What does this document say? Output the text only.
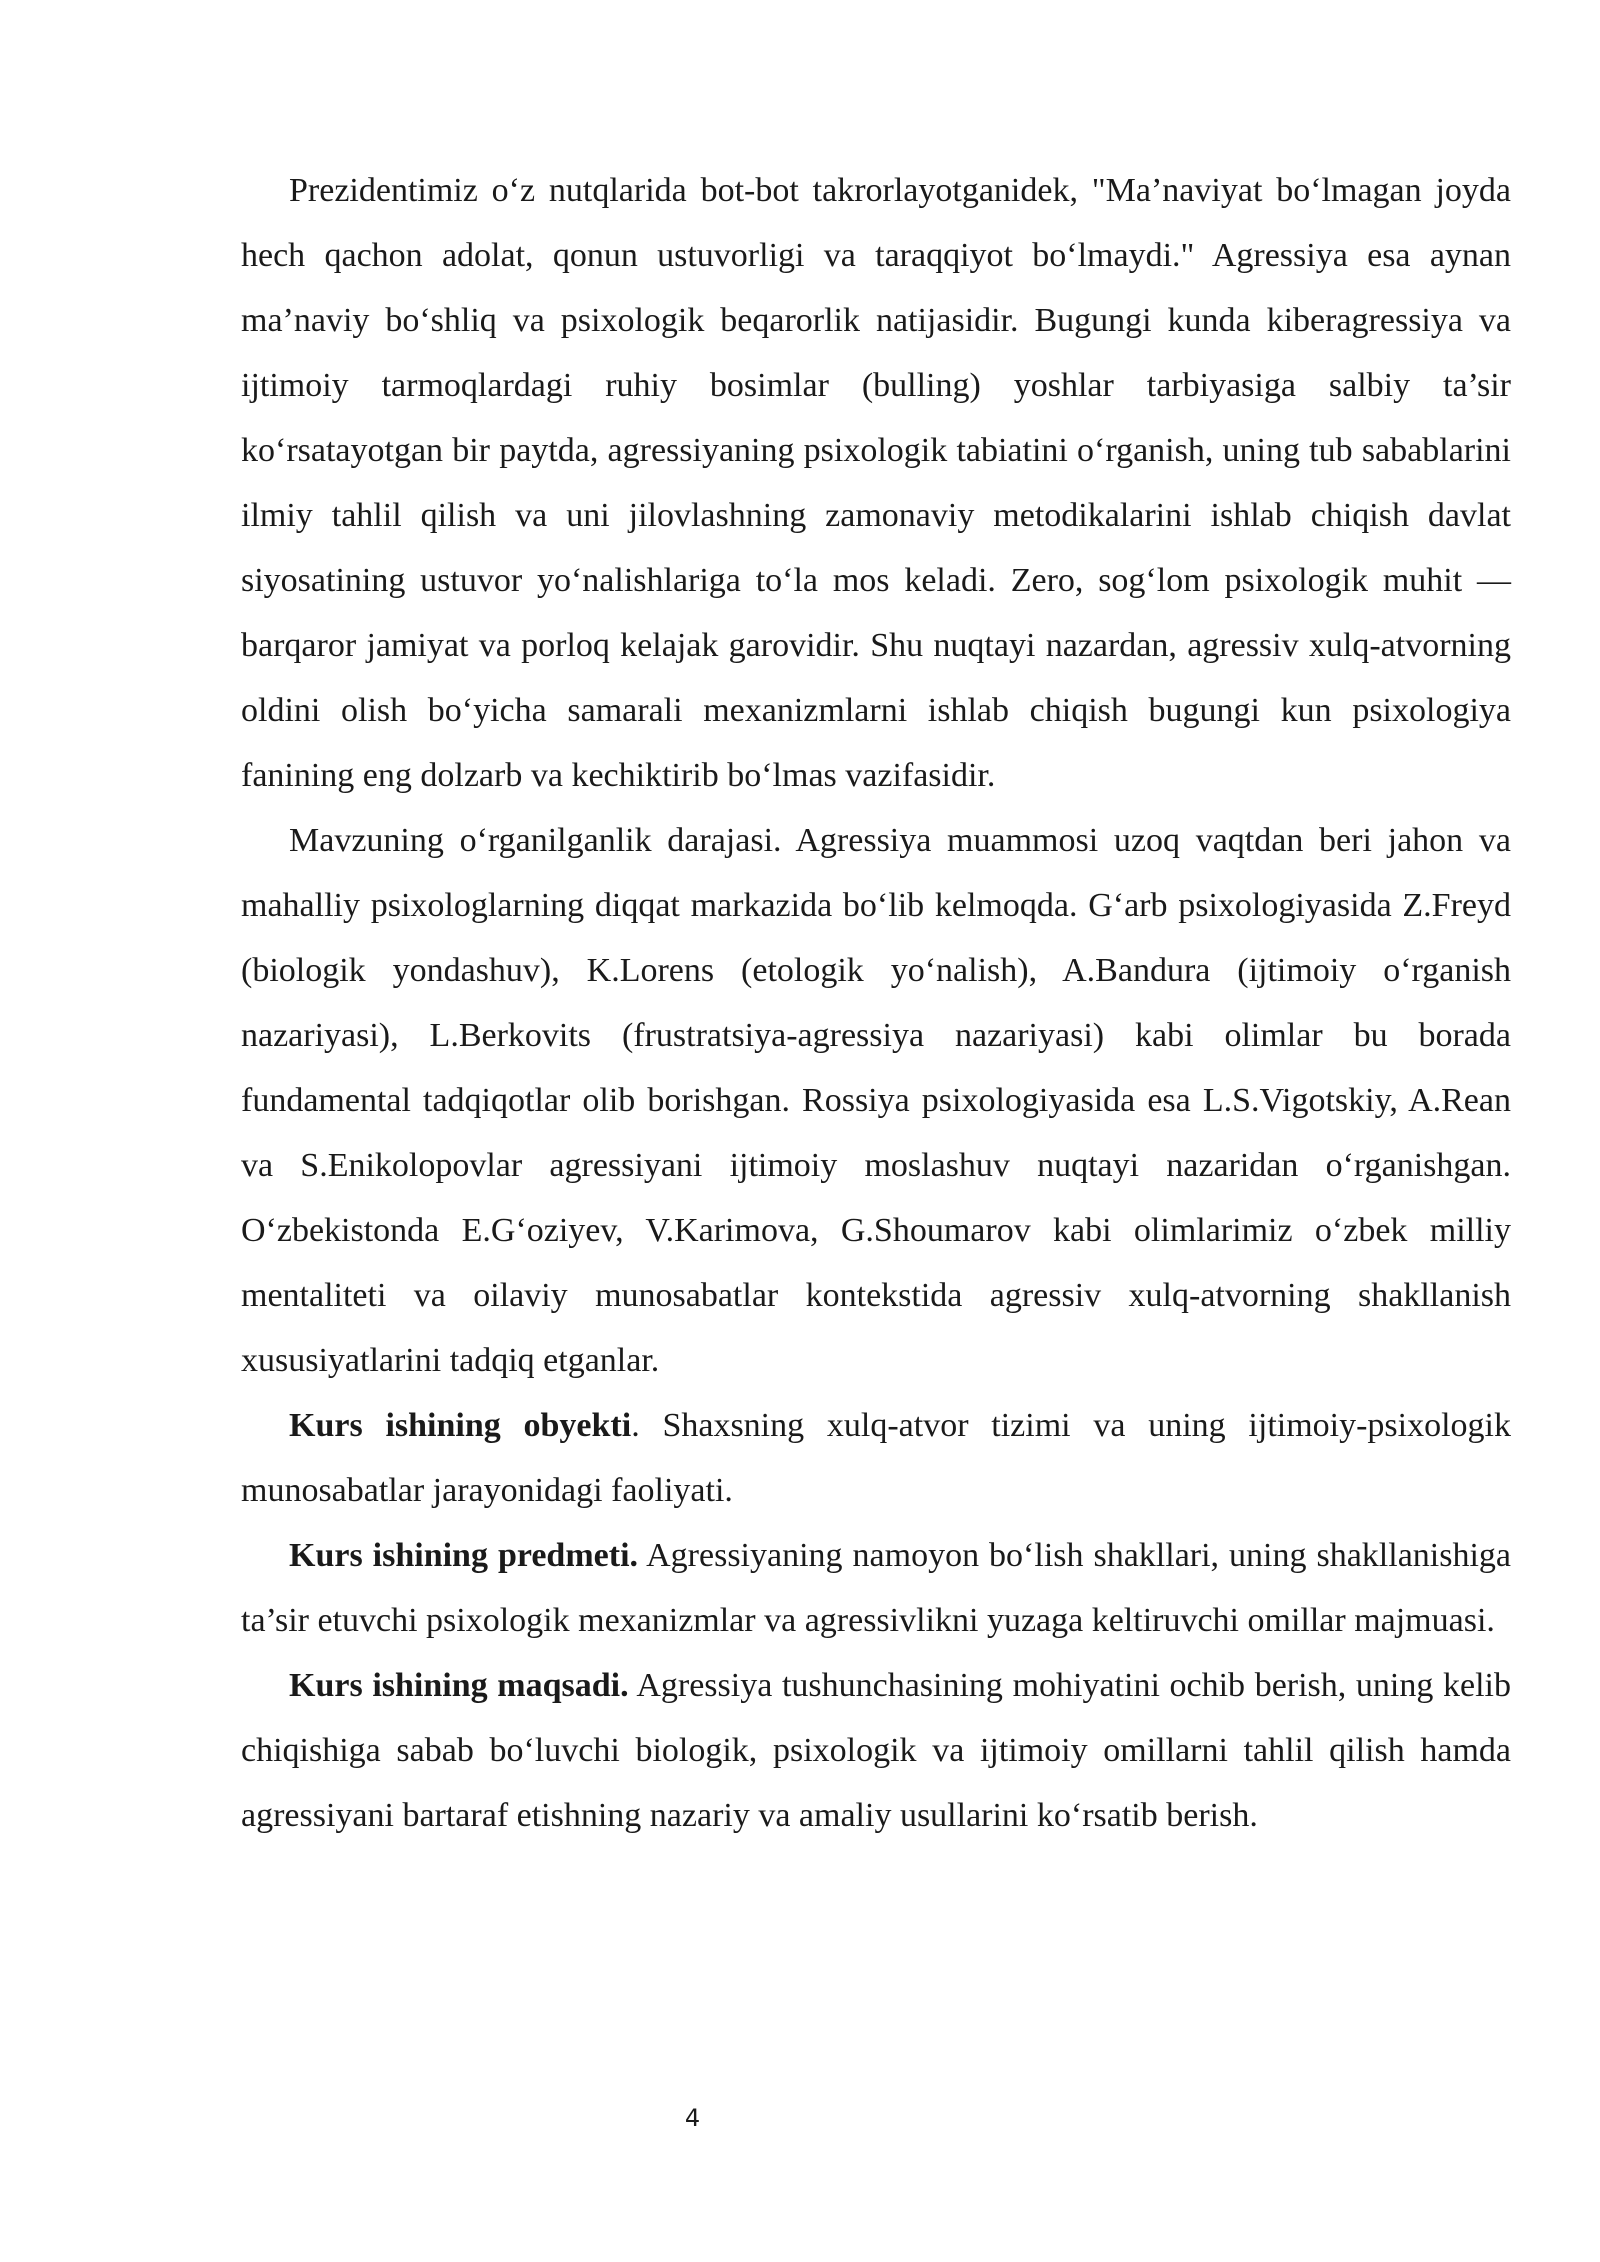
Prezidentimiz o‘z nutqlarida bot-bot takrorlayotganidek, "Ma’naviyat bo‘lmagan joyda hech qachon adolat, qonun ustuvorligi va taraqqiyot bo‘lmaydi." Agressiya esa aynan ma’naviy bo‘shliq va psixologik beqarorlik natijasidir. Bugungi kunda kiberagressiya va ijtimoiy tarmoqlardagi ruhiy bosimlar (bulling) yoshlar tarbiyasiga salbiy ta’sir ko‘rsatayotgan bir paytda, agressiyaning psixologik tabiatini o‘rganish, uning tub sabablarini ilmiy tahlil qilish va uni jilovlashning zamonaviy metodikalarini ishlab chiqish davlat siyosatining ustuvor yo‘nalishlariga to‘la mos keladi. Zero, sog‘lom psixologik muhit — barqaror jamiyat va porloq kelajak garovidir. Shu nuqtayi nazardan, agressiv xulq-atvorning oldini olish bo‘yicha samarali mexanizmlarni ishlab chiqish bugungi kun psixologiya fanining eng dolzarb va kechiktirib bo‘lmas vazifasidir.

Mavzuning o‘rganilganlik darajasi. Agressiya muammosi uzoq vaqtdan beri jahon va mahalliy psixologlarning diqqat markazida bo‘lib kelmoqda. G‘arb psixologiyasida Z.Freyd (biologik yondashuv), K.Lorens (etologik yo‘nalish), A.Bandura (ijtimoiy o‘rganish nazariyasi), L.Berkovits (frustratsiya-agressiya nazariyasi) kabi olimlar bu borada fundamental tadqiqotlar olib borishgan. Rossiya psixologiyasida esa L.S.Vigotskiy, A.Rean va S.Enikolopovlar agressiyani ijtimoiy moslashuv nuqtayi nazaridan o‘rganishgan. O‘zbekistonda E.G‘oziyev, V.Karimova, G.Shoumarov kabi olimlarimiz o‘zbek milliy mentaliteti va oilaviy munosabatlar kontekstida agressiv xulq-atvorning shakllanish xususiyatlarini tadqiq etganlar.

Kurs ishining obyekti. Shaxsning xulq-atvor tizimi va uning ijtimoiy-psixologik munosabatlar jarayonidagi faoliyati.

Kurs ishining predmeti. Agressiyaning namoyon bo‘lish shakllari, uning shakllanishiga ta’sir etuvchi psixologik mexanizmlar va agressivlikni yuzaga keltiruvchi omillar majmuasi.

Kurs ishining maqsadi. Agressiya tushunchasining mohiyatini ochib berish, uning kelib chiqishiga sabab bo‘luvchi biologik, psixologik va ijtimoiy omillarni tahlil qilish hamda agressiyani bartaraf etishning nazariy va amaliy usullarini ko‘rsatib berish.

4
